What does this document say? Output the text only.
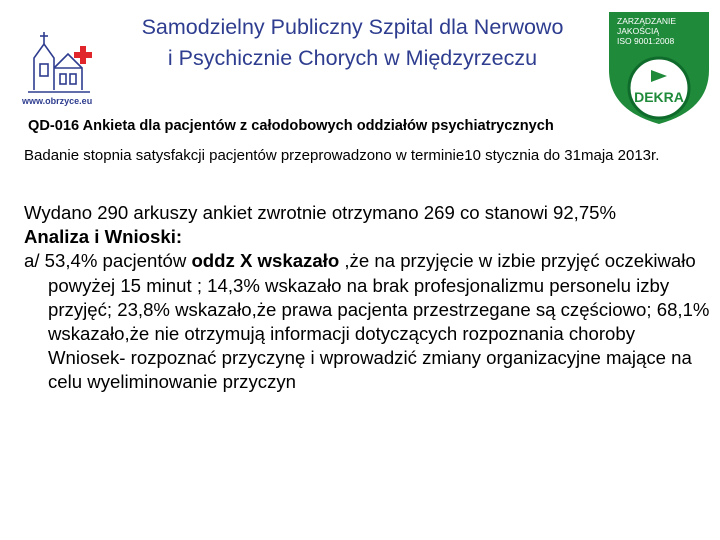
www.obrzyce.eu
Samodzielny Publiczny Szpital dla Nerwowo
i Psychicznie Chorych w Międzyrzeczu
ZARZĄDZANIE
JAKOŚCIĄ
ISO 9001:2008
DEKRA
QD-016 Ankieta dla pacjentów z całodobowych oddziałów psychiatrycznych

Badanie stopnia satysfakcji pacjentów przeprowadzono w terminie10 stycznia do 31maja 2013r.

Wydano 290 arkuszy ankiet zwrotnie otrzymano 269 co stanowi 92,75%

Analiza i Wnioski:

a/ 53,4% pacjentów oddz X wskazało ,że na przyjęcie w izbie przyjęć oczekiwało powyżej 15 minut ; 14,3% wskazało na brak profesjonalizmu personelu izby przyjęć; 23,8% wskazało,że prawa pacjenta przestrzegane są częściowo; 68,1% wskazało,że nie otrzymują informacji dotyczących rozpoznania choroby

Wniosek- rozpoznać przyczynę i wprowadzić zmiany organizacyjne mające na celu wyeliminowanie przyczyn
